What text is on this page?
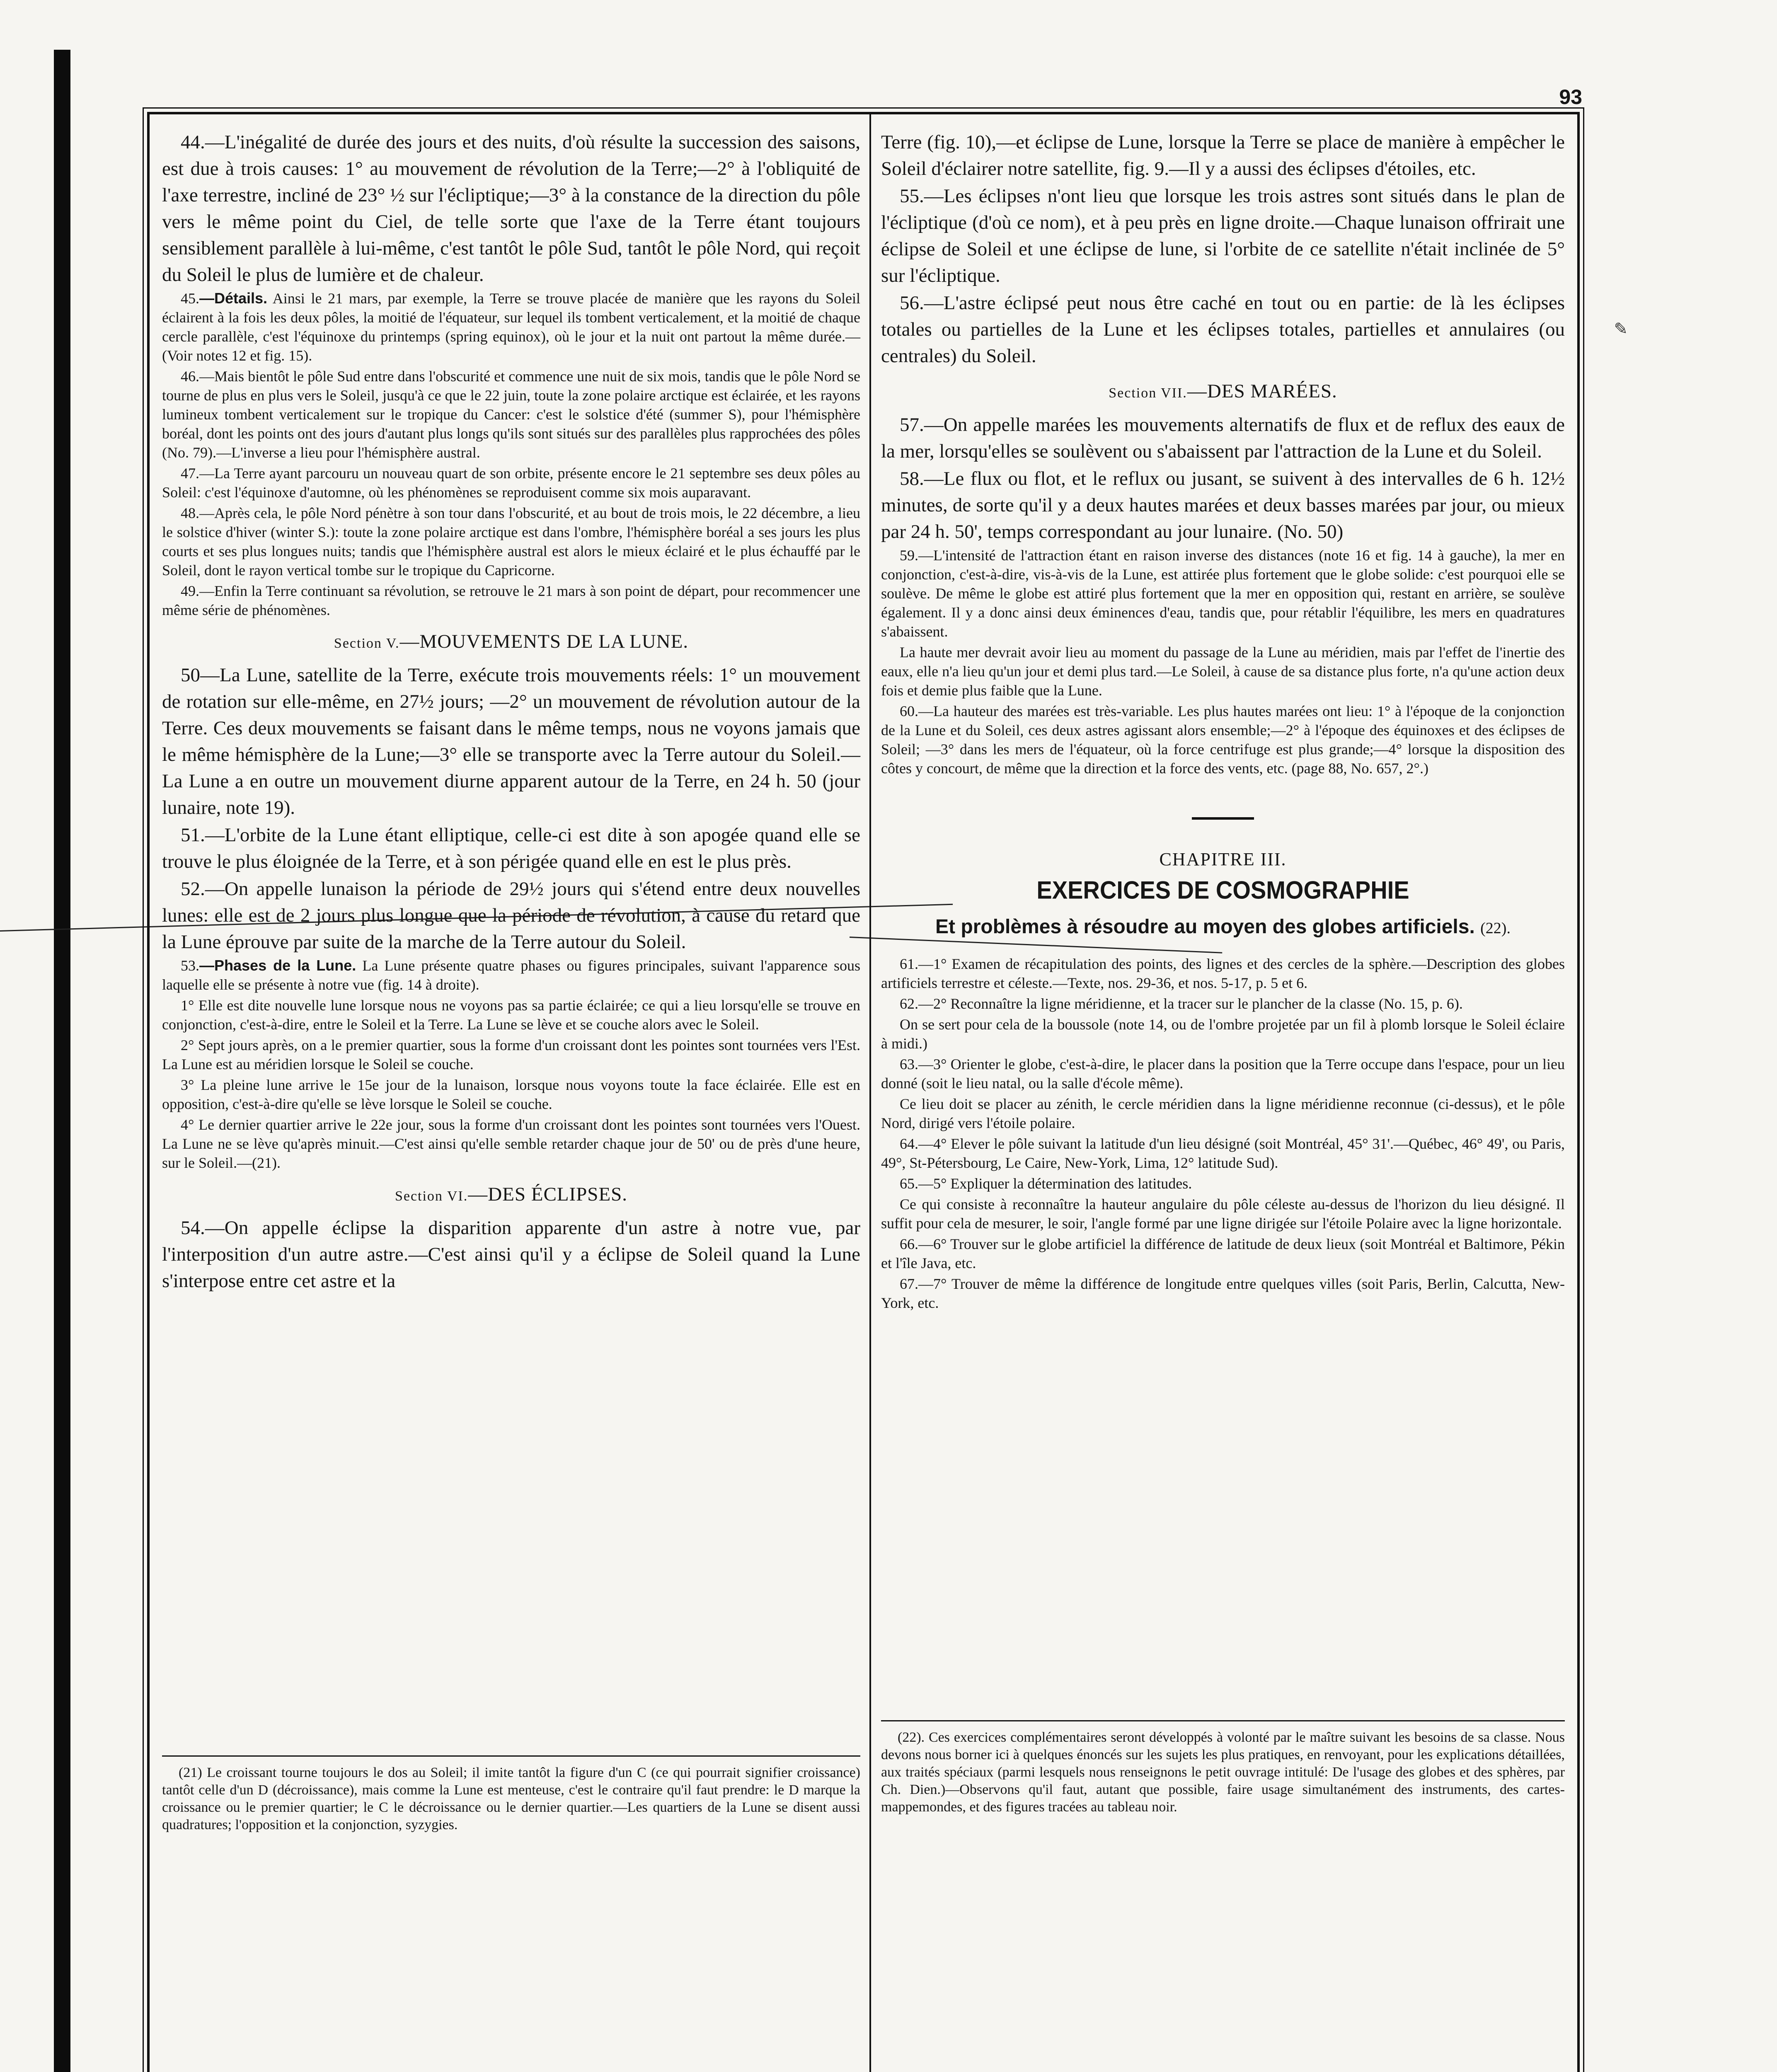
93
✎

44.—L'inégalité de durée des jours et des nuits, d'où résulte la succession des saisons, est due à trois causes: 1° au mouvement de révolution de la Terre;—2° à l'obliquité de l'axe terrestre, incliné de 23° ½ sur l'écliptique;—3° à la constance de la direction du pôle vers le même point du Ciel, de telle sorte que l'axe de la Terre étant toujours sensiblement parallèle à lui-même, c'est tantôt le pôle Sud, tantôt le pôle Nord, qui reçoit du Soleil le plus de lumière et de chaleur.

45.—Détails. Ainsi le 21 mars, par exemple, la Terre se trouve placée de manière que les rayons du Soleil éclairent à la fois les deux pôles, la moitié de l'équateur, sur lequel ils tombent verticalement, et la moitié de chaque cercle parallèle, c'est l'équinoxe du printemps (spring equinox), où le jour et la nuit ont partout la même durée.—(Voir notes 12 et fig. 15).

46.—Mais bientôt le pôle Sud entre dans l'obscurité et commence une nuit de six mois, tandis que le pôle Nord se tourne de plus en plus vers le Soleil, jusqu'à ce que le 22 juin, toute la zone polaire arctique est éclairée, et les rayons lumineux tombent verticalement sur le tropique du Cancer: c'est le solstice d'été (summer S), pour l'hémisphère boréal, dont les points ont des jours d'autant plus longs qu'ils sont situés sur des parallèles plus rapprochées des pôles (No. 79).—L'inverse a lieu pour l'hémisphère austral.

47.—La Terre ayant parcouru un nouveau quart de son orbite, présente encore le 21 septembre ses deux pôles au Soleil: c'est l'équinoxe d'automne, où les phénomènes se reproduisent comme six mois auparavant.

48.—Après cela, le pôle Nord pénètre à son tour dans l'obscurité, et au bout de trois mois, le 22 décembre, a lieu le solstice d'hiver (winter S.): toute la zone polaire arctique est dans l'ombre, l'hémisphère boréal a ses jours les plus courts et ses plus longues nuits; tandis que l'hémisphère austral est alors le mieux éclairé et le plus échauffé par le Soleil, dont le rayon vertical tombe sur le tropique du Capricorne.

49.—Enfin la Terre continuant sa révolution, se retrouve le 21 mars à son point de départ, pour recommencer une même série de phénomènes.

Section V.—MOUVEMENTS DE LA LUNE.

50—La Lune, satellite de la Terre, exécute trois mouvements réels: 1° un mouvement de rotation sur elle-même, en 27½ jours; —2° un mouvement de révolution autour de la Terre. Ces deux mouvements se faisant dans le même temps, nous ne voyons jamais que le même hémisphère de la Lune;—3° elle se transporte avec la Terre autour du Soleil.—La Lune a en outre un mouvement diurne apparent autour de la Terre, en 24 h. 50 (jour lunaire, note 19).

51.—L'orbite de la Lune étant elliptique, celle-ci est dite à son apogée quand elle se trouve le plus éloignée de la Terre, et à son périgée quand elle en est le plus près.

52.—On appelle lunaison la période de 29½ jours qui s'étend entre deux nouvelles lunes: elle est de 2 jours plus longue que la période de révolution, à cause du retard que la Lune éprouve par suite de la marche de la Terre autour du Soleil.

53.—Phases de la Lune. La Lune présente quatre phases ou figures principales, suivant l'apparence sous laquelle elle se présente à notre vue (fig. 14 à droite).

1° Elle est dite nouvelle lune lorsque nous ne voyons pas sa partie éclairée; ce qui a lieu lorsqu'elle se trouve en conjonction, c'est-à-dire, entre le Soleil et la Terre. La Lune se lève et se couche alors avec le Soleil.

2° Sept jours après, on a le premier quartier, sous la forme d'un croissant dont les pointes sont tournées vers l'Est. La Lune est au méridien lorsque le Soleil se couche.

3° La pleine lune arrive le 15e jour de la lunaison, lorsque nous voyons toute la face éclairée. Elle est en opposition, c'est-à-dire qu'elle se lève lorsque le Soleil se couche.

4° Le dernier quartier arrive le 22e jour, sous la forme d'un croissant dont les pointes sont tournées vers l'Ouest. La Lune ne se lève qu'après minuit.—C'est ainsi qu'elle semble retarder chaque jour de 50' ou de près d'une heure, sur le Soleil.—(21).

Section VI.—DES ÉCLIPSES.

54.—On appelle éclipse la disparition apparente d'un astre à notre vue, par l'interposition d'un autre astre.—C'est ainsi qu'il y a éclipse de Soleil quand la Lune s'interpose entre cet astre et la

(21) Le croissant tourne toujours le dos au Soleil; il imite tantôt la figure d'un C (ce qui pourrait signifier croissance) tantôt celle d'un D (décroissance), mais comme la Lune est menteuse, c'est le contraire qu'il faut prendre: le D marque la croissance ou le premier quartier; le C le décroissance ou le dernier quartier.—Les quartiers de la Lune se disent aussi quadratures; l'opposition et la conjonction, syzygies.

Terre (fig. 10),—et éclipse de Lune, lorsque la Terre se place de manière à empêcher le Soleil d'éclairer notre satellite, fig. 9.—Il y a aussi des éclipses d'étoiles, etc.

55.—Les éclipses n'ont lieu que lorsque les trois astres sont situés dans le plan de l'écliptique (d'où ce nom), et à peu près en ligne droite.—Chaque lunaison offrirait une éclipse de Soleil et une éclipse de lune, si l'orbite de ce satellite n'était inclinée de 5° sur l'écliptique.

56.—L'astre éclipsé peut nous être caché en tout ou en partie: de là les éclipses totales ou partielles de la Lune et les éclipses totales, partielles et annulaires (ou centrales) du Soleil.

Section VII.—DES MARÉES.

57.—On appelle marées les mouvements alternatifs de flux et de reflux des eaux de la mer, lorsqu'elles se soulèvent ou s'abaissent par l'attraction de la Lune et du Soleil.

58.—Le flux ou flot, et le reflux ou jusant, se suivent à des intervalles de 6 h. 12½ minutes, de sorte qu'il y a deux hautes marées et deux basses marées par jour, ou mieux par 24 h. 50', temps correspondant au jour lunaire. (No. 50)

59.—L'intensité de l'attraction étant en raison inverse des distances (note 16 et fig. 14 à gauche), la mer en conjonction, c'est-à-dire, vis-à-vis de la Lune, est attirée plus fortement que le globe solide: c'est pourquoi elle se soulève. De même le globe est attiré plus fortement que la mer en opposition qui, restant en arrière, se soulève également. Il y a donc ainsi deux éminences d'eau, tandis que, pour rétablir l'équilibre, les mers en quadratures s'abaissent.

La haute mer devrait avoir lieu au moment du passage de la Lune au méridien, mais par l'effet de l'inertie des eaux, elle n'a lieu qu'un jour et demi plus tard.—Le Soleil, à cause de sa distance plus forte, n'a qu'une action deux fois et demie plus faible que la Lune.

60.—La hauteur des marées est très-variable. Les plus hautes marées ont lieu: 1° à l'époque de la conjonction de la Lune et du Soleil, ces deux astres agissant alors ensemble;—2° à l'époque des équinoxes et des éclipses de Soleil; —3° dans les mers de l'équateur, où la force centrifuge est plus grande;—4° lorsque la disposition des côtes y concourt, de même que la direction et la force des vents, etc. (page 88, No. 657, 2°.)

CHAPITRE III.
EXERCICES DE COSMOGRAPHIE
Et problèmes à résoudre au moyen des globes artificiels. (22).

61.—1° Examen de récapitulation des points, des lignes et des cercles de la sphère.—Description des globes artificiels terrestre et céleste.—Texte, nos. 29-36, et nos. 5-17, p. 5 et 6.

62.—2° Reconnaître la ligne méridienne, et la tracer sur le plancher de la classe (No. 15, p. 6).

On se sert pour cela de la boussole (note 14, ou de l'ombre projetée par un fil à plomb lorsque le Soleil éclaire à midi.)

63.—3° Orienter le globe, c'est-à-dire, le placer dans la position que la Terre occupe dans l'espace, pour un lieu donné (soit le lieu natal, ou la salle d'école même).

Ce lieu doit se placer au zénith, le cercle méridien dans la ligne méridienne reconnue (ci-dessus), et le pôle Nord, dirigé vers l'étoile polaire.

64.—4° Elever le pôle suivant la latitude d'un lieu désigné (soit Montréal, 45° 31'.—Québec, 46° 49', ou Paris, 49°, St-Pétersbourg, Le Caire, New-York, Lima, 12° latitude Sud).

65.—5° Expliquer la détermination des latitudes.

Ce qui consiste à reconnaître la hauteur angulaire du pôle céleste au-dessus de l'horizon du lieu désigné. Il suffit pour cela de mesurer, le soir, l'angle formé par une ligne dirigée sur l'étoile Polaire avec la ligne horizontale.

66.—6° Trouver sur le globe artificiel la différence de latitude de deux lieux (soit Montréal et Baltimore, Pékin et l'île Java, etc.

67.—7° Trouver de même la différence de longitude entre quelques villes (soit Paris, Berlin, Calcutta, New-York, etc.

(22). Ces exercices complémentaires seront développés à volonté par le maître suivant les besoins de sa classe. Nous devons nous borner ici à quelques énoncés sur les sujets les plus pratiques, en renvoyant, pour les explications détaillées, aux traités spéciaux (parmi lesquels nous renseignons le petit ouvrage intitulé: De l'usage des globes et des sphères, par Ch. Dien.)—Observons qu'il faut, autant que possible, faire usage simultanément des instruments, des cartes-mappemondes, et des figures tracées au tableau noir.
